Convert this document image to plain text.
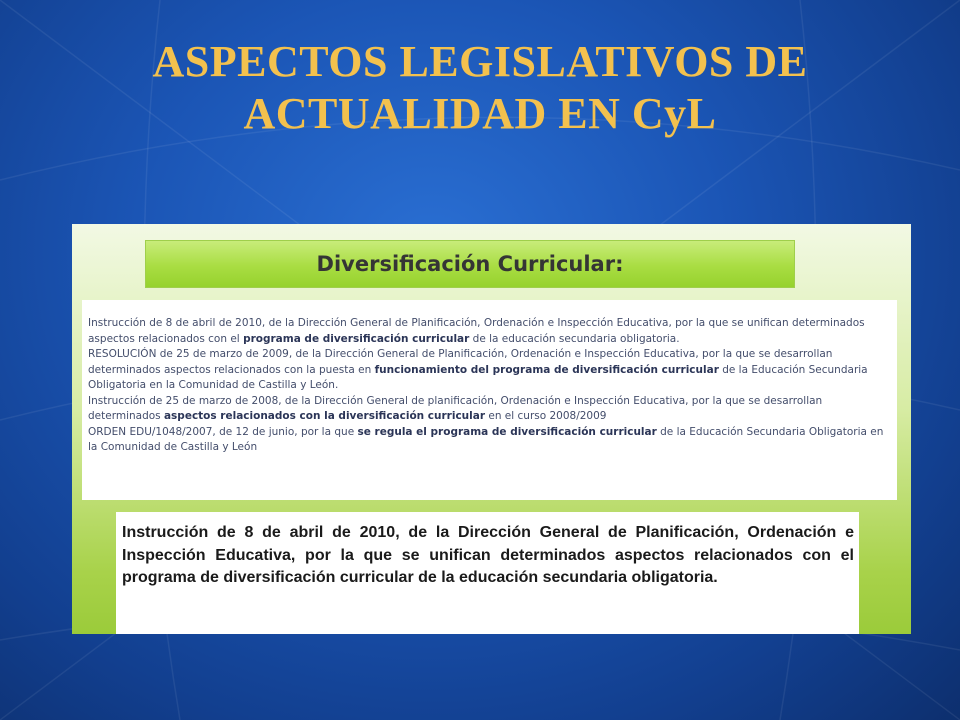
ASPECTOS LEGISLATIVOS DE
ACTUALIDAD EN CyL
Diversificación Curricular:

Instrucción de 8 de abril de 2010, de la Dirección General de Planificación, Ordenación e Inspección Educativa, por la que se unifican determinados aspectos relacionados con el programa de diversificación curricular de la educación secundaria obligatoria.

RESOLUCIÓN de 25 de marzo de 2009, de la Dirección General de Planificación, Ordenación e Inspección Educativa, por la que se desarrollan determinados aspectos relacionados con la puesta en funcionamiento del programa de diversificación curricular de la Educación Secundaria Obligatoria en la Comunidad de Castilla y León.

Instrucción de 25 de marzo de 2008, de la Dirección General de planificación, Ordenación e Inspección Educativa, por la que se desarrollan determinados aspectos relacionados con la diversificación curricular en el curso 2008/2009

ORDEN EDU/1048/2007, de 12 de junio, por la que se regula el programa de diversificación curricular de la Educación Secundaria Obligatoria en la Comunidad de Castilla y León

Instrucción de 8 de abril de 2010, de la Dirección General de Planificación, Ordenación e Inspección Educativa, por la que se unifican determinados aspectos relacionados con el programa de diversificación curricular de la educación secundaria obligatoria.
